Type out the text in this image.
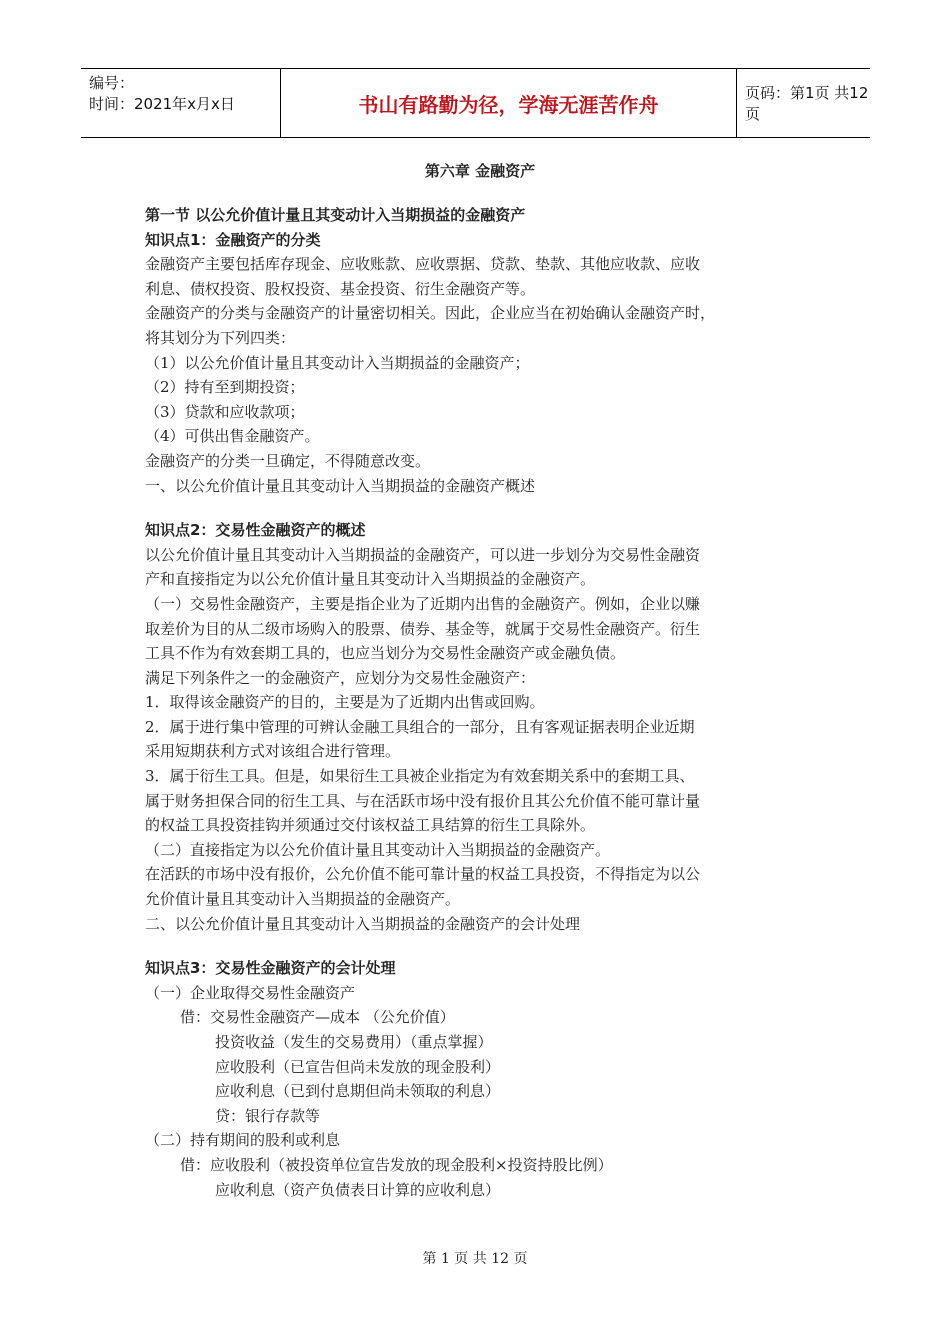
编号：
时间：2021年x月x日	书山有路勤为径，学海无涯苦作舟	页码：第1页 共12页
第六章 金融资产
第一节 以公允价值计量且其变动计入当期损益的金融资产
知识点1：金融资产的分类
金融资产主要包括库存现金、应收账款、应收票据、贷款、垫款、其他应收款、应收
利息、债权投资、股权投资、基金投资、衍生金融资产等。
金融资产的分类与金融资产的计量密切相关。因此，企业应当在初始确认金融资产时，
将其划分为下列四类：
（1）以公允价值计量且其变动计入当期损益的金融资产；
（2）持有至到期投资；
（3）贷款和应收款项；
（4）可供出售金融资产。
金融资产的分类一旦确定，不得随意改变。
一、以公允价值计量且其变动计入当期损益的金融资产概述
知识点2：交易性金融资产的概述
以公允价值计量且其变动计入当期损益的金融资产，可以进一步划分为交易性金融资
产和直接指定为以公允价值计量且其变动计入当期损益的金融资产。
（一）交易性金融资产，主要是指企业为了近期内出售的金融资产。例如，企业以赚
取差价为目的从二级市场购入的股票、债券、基金等，就属于交易性金融资产。衍生
工具不作为有效套期工具的，也应当划分为交易性金融资产或金融负债。
满足下列条件之一的金融资产，应划分为交易性金融资产：
1．取得该金融资产的目的，主要是为了近期内出售或回购。
2．属于进行集中管理的可辨认金融工具组合的一部分，且有客观证据表明企业近期
采用短期获利方式对该组合进行管理。
3．属于衍生工具。但是，如果衍生工具被企业指定为有效套期关系中的套期工具、
属于财务担保合同的衍生工具、与在活跃市场中没有报价且其公允价值不能可靠计量
的权益工具投资挂钩并须通过交付该权益工具结算的衍生工具除外。
（二）直接指定为以公允价值计量且其变动计入当期损益的金融资产。
在活跃的市场中没有报价，公允价值不能可靠计量的权益工具投资，不得指定为以公
允价值计量且其变动计入当期损益的金融资产。
二、以公允价值计量且其变动计入当期损益的金融资产的会计处理
知识点3：交易性金融资产的会计处理
（一）企业取得交易性金融资产
借：交易性金融资产—成本 （公允价值）
投资收益（发生的交易费用）（重点掌握）
应收股利（已宣告但尚未发放的现金股利）
应收利息（已到付息期但尚未领取的利息）
贷：银行存款等
（二）持有期间的股利或利息
借：应收股利（被投资单位宣告发放的现金股利×投资持股比例）
应收利息（资产负债表日计算的应收利息）
第 1 页 共 12 页
